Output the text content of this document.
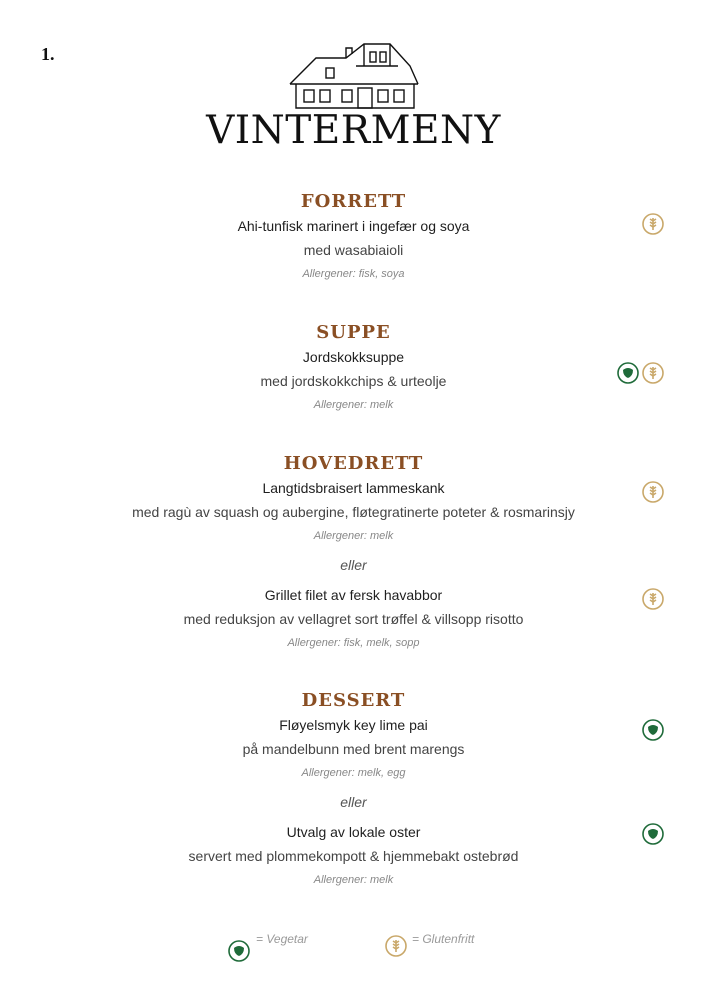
1.
VINTERMENY
FORRETT
Ahi-tunfisk marinert i ingefær og soya
med wasabiaioli
Allergener: fisk, soya
SUPPE
Jordskokksuppe
med jordskokkchips & urteolje
Allergener: melk
HOVEDRETT
Langtidsbraisert lammeskank
med ragù av squash og aubergine, fløtegratinerte poteter & rosmarinsjy
Allergener: melk
eller
Grillet filet av fersk havabbor
med reduksjon av vellagret sort trøffel & villsopp risotto
Allergener: fisk, melk, sopp
DESSERT
Fløyelsmyk key lime pai
på mandelbunn med brent marengs
Allergener: melk, egg
eller
Utvalg av lokale oster
servert med plommekompott & hjemmebakt ostebrød
Allergener: melk
= Vegetar	= Glutenfritt
